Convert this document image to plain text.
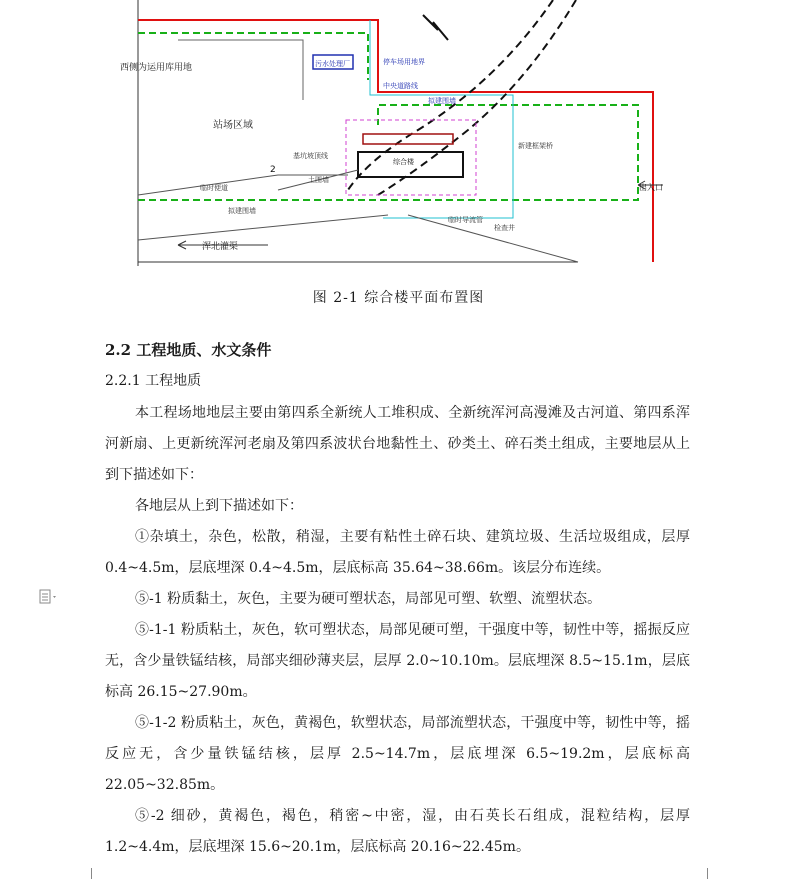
西侧为运用库用地
站场区域
污水处理厂	停车场用地界
中央道路线
拟建围墙
综合楼
基坑坡顶线
新建框架桥
出入口
临时便道
土围墙
拟建围墙
临时导流管
检查井
浑北灌渠
2
图 2-1 综合楼平面布置图
2.2 工程地质、水文条件
2.2.1 工程地质

本工程场地地层主要由第四系全新统人工堆积成、全新统浑河高漫滩及古河道、第四系浑河新扇、上更新统浑河老扇及第四系波状台地黏性土、砂类土、碎石类土组成，主要地层从上到下描述如下：

各地层从上到下描述如下：

①杂填土，杂色，松散，稍湿，主要有粘性土碎石块、建筑垃圾、生活垃圾组成，层厚 0.4~4.5m，层底埋深 0.4~4.5m，层底标高 35.64~38.66m。该层分布连续。

⑤-1 粉质黏土，灰色，主要为硬可塑状态，局部见可塑、软塑、流塑状态。

⑤-1-1 粉质粘土，灰色，软可塑状态，局部见硬可塑，干强度中等，韧性中等，摇振反应无，含少量铁锰结核，局部夹细砂薄夹层，层厚 2.0~10.10m。层底埋深 8.5~15.1m，层底标高 26.15~27.90m。

⑤-1-2 粉质粘土，灰色，黄褐色，软塑状态，局部流塑状态，干强度中等，韧性中等，摇反应无，含少量铁锰结核，层厚 2.5~14.7m，层底埋深 6.5~19.2m，层底标高 22.05~32.85m。

⑤-2 细砂，黄褐色，褐色，稍密~中密，湿，由石英长石组成，混粒结构，层厚 1.2~4.4m，层底埋深 15.6~20.1m，层底标高 20.16~22.45m。
